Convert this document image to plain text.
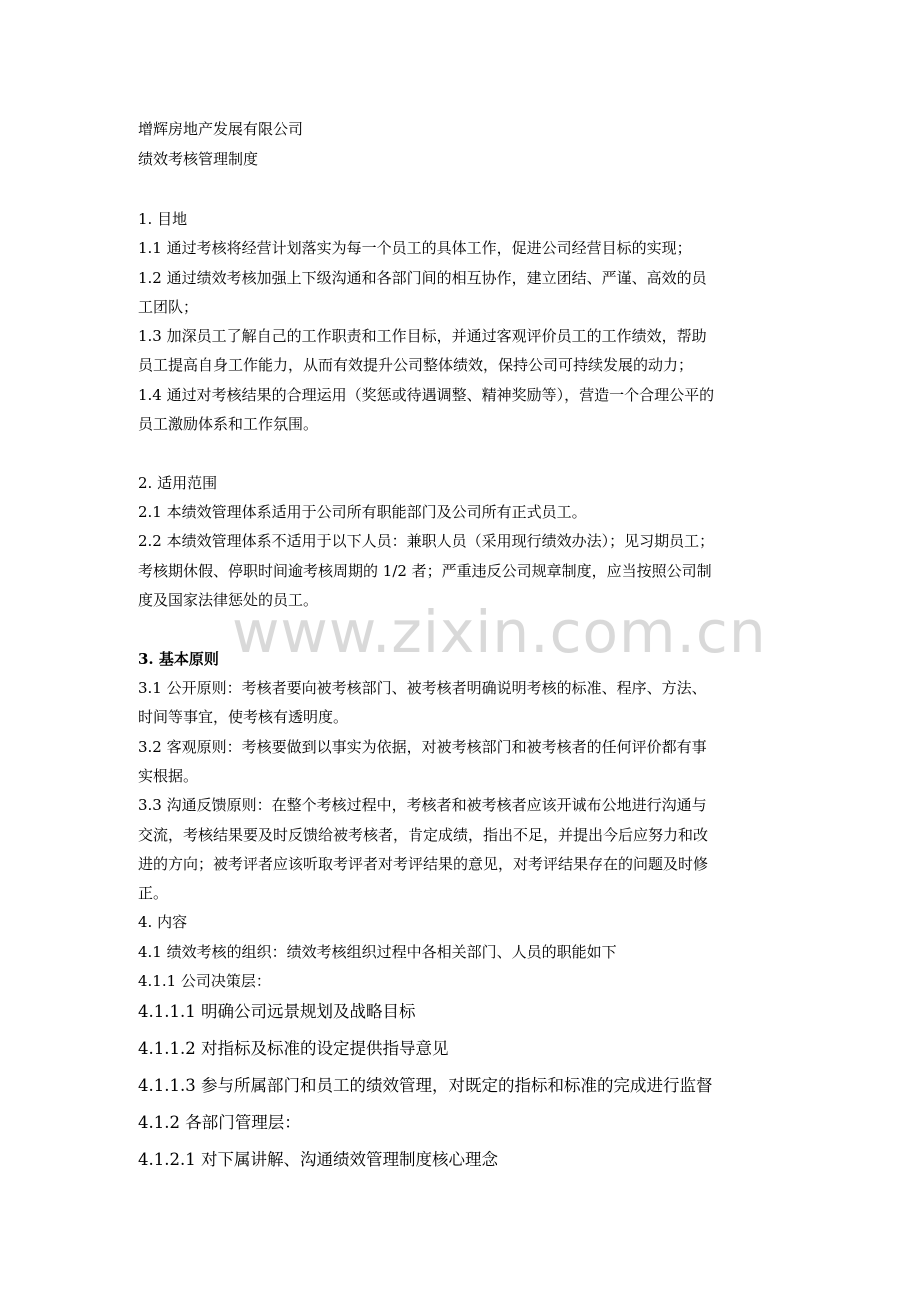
www.zixin.com.cn
增辉房地产发展有限公司
绩效考核管理制度
1. 目地
1.1 通过考核将经营计划落实为每一个员工的具体工作，促进公司经营目标的实现；
1.2 通过绩效考核加强上下级沟通和各部门间的相互协作，建立团结、严谨、高效的员
工团队；
1.3 加深员工了解自己的工作职责和工作目标，并通过客观评价员工的工作绩效，帮助
员工提高自身工作能力，从而有效提升公司整体绩效，保持公司可持续发展的动力；
1.4 通过对考核结果的合理运用（奖惩或待遇调整、精神奖励等），营造一个合理公平的
员工激励体系和工作氛围。
2. 适用范围
2.1 本绩效管理体系适用于公司所有职能部门及公司所有正式员工。
2.2 本绩效管理体系不适用于以下人员：兼职人员（采用现行绩效办法）；见习期员工；
考核期休假、停职时间逾考核周期的 1/2 者；严重违反公司规章制度，应当按照公司制
度及国家法律惩处的员工。
3. 基本原则
3.1 公开原则：考核者要向被考核部门、被考核者明确说明考核的标准、程序、方法、
时间等事宜，使考核有透明度。
3.2 客观原则：考核要做到以事实为依据，对被考核部门和被考核者的任何评价都有事
实根据。
3.3 沟通反馈原则：在整个考核过程中，考核者和被考核者应该开诚布公地进行沟通与
交流，考核结果要及时反馈给被考核者，肯定成绩，指出不足，并提出今后应努力和改
进的方向；被考评者应该听取考评者对考评结果的意见，对考评结果存在的问题及时修
正。
4. 内容
4.1 绩效考核的组织：绩效考核组织过程中各相关部门、人员的职能如下
4.1.1 公司决策层：
4.1.1.1 明确公司远景规划及战略目标
4.1.1.2 对指标及标准的设定提供指导意见
4.1.1.3 参与所属部门和员工的绩效管理，对既定的指标和标准的完成进行监督
4.1.2 各部门管理层：
4.1.2.1 对下属讲解、沟通绩效管理制度核心理念
